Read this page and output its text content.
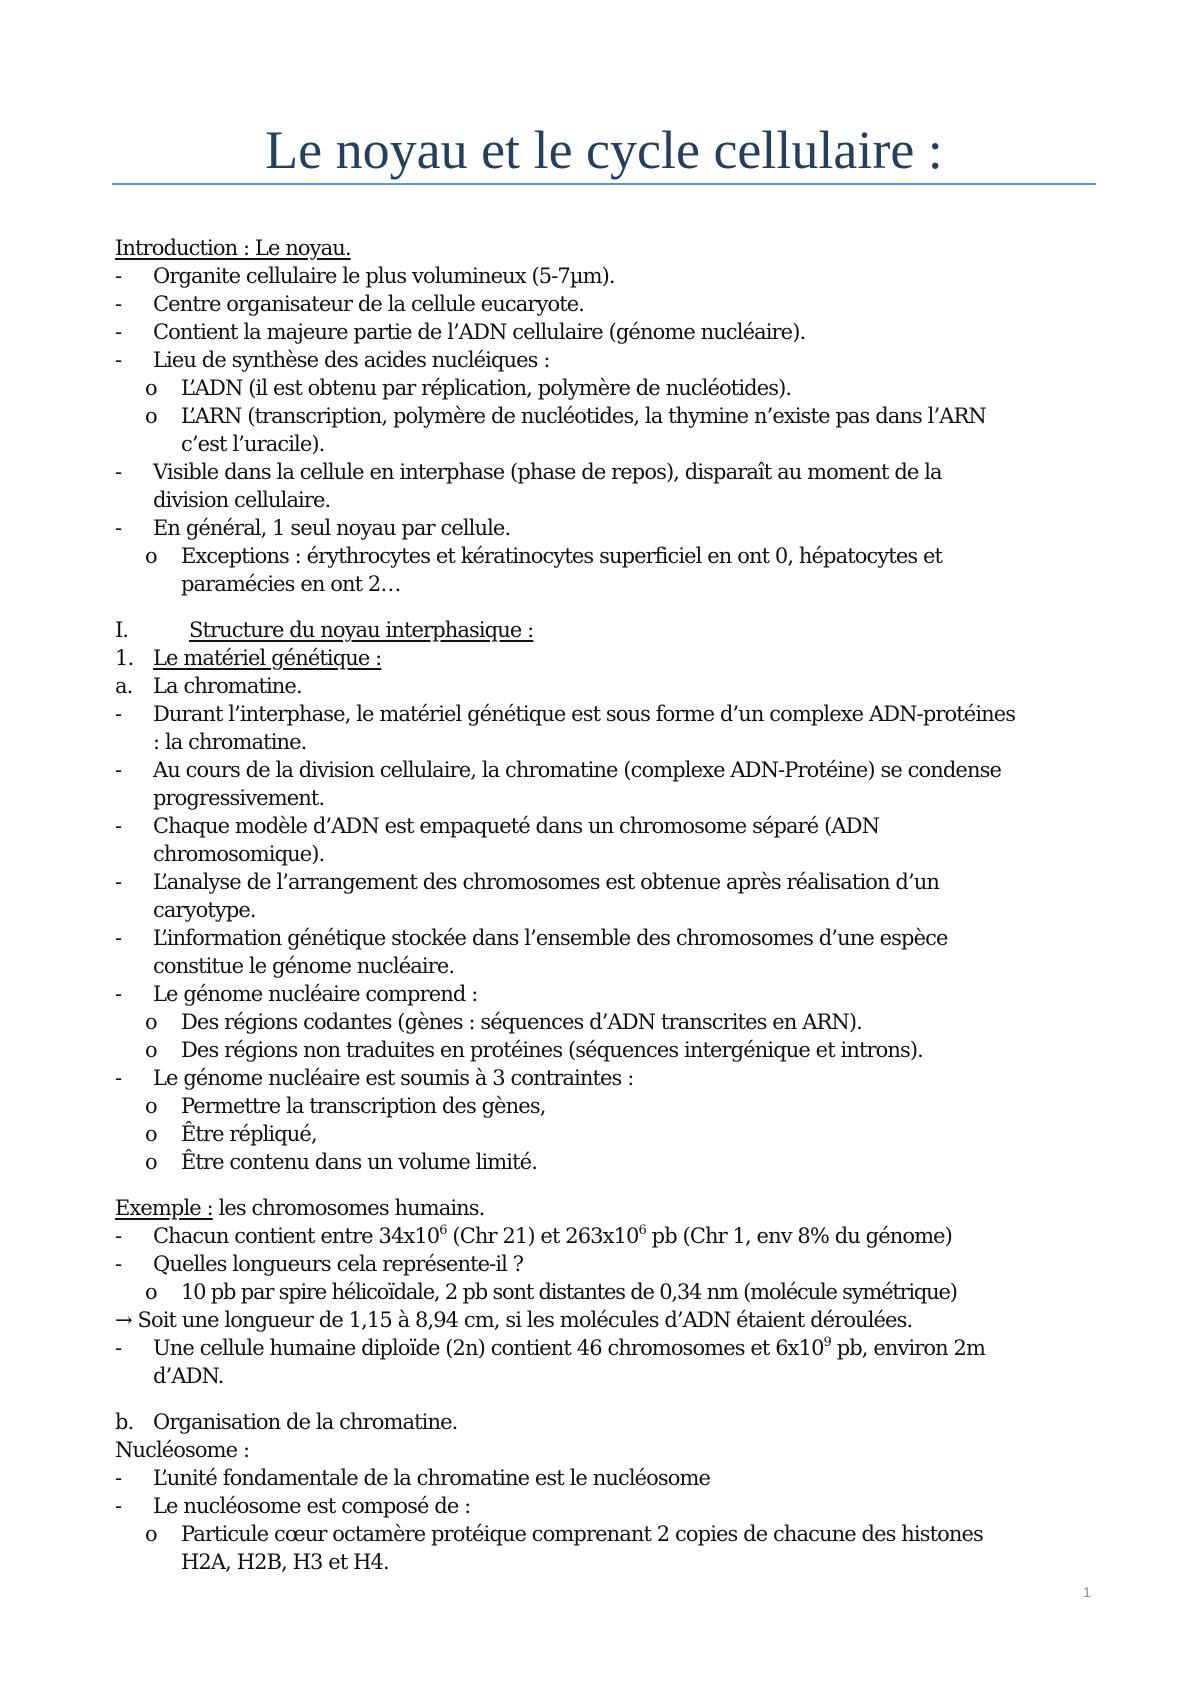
Le noyau et le cycle cellulaire :
Introduction : Le noyau.
- Organite cellulaire le plus volumineux (5-7µm).
- Centre organisateur de la cellule eucaryote.
- Contient la majeure partie de l’ADN cellulaire (génome nucléaire).
- Lieu de synthèse des acides nucléiques :
o L’ADN (il est obtenu par réplication, polymère de nucléotides).
o L’ARN (transcription, polymère de nucléotides, la thymine n’existe pas dans l’ARN
c’est l’uracile).
- Visible dans la cellule en interphase (phase de repos), disparaît au moment de la
division cellulaire.
- En général, 1 seul noyau par cellule.
o Exceptions : érythrocytes et kératinocytes superficiel en ont 0, hépatocytes et
paramécies en ont 2…
I.	Structure du noyau interphasique :
1. Le matériel génétique :
a. La chromatine.
- Durant l’interphase, le matériel génétique est sous forme d’un complexe ADN-protéines
: la chromatine.
- Au cours de la division cellulaire, la chromatine (complexe ADN-Protéine) se condense
progressivement.
- Chaque modèle d’ADN est empaqueté dans un chromosome séparé (ADN
chromosomique).
- L’analyse de l’arrangement des chromosomes est obtenue après réalisation d’un
caryotype.
- L’information génétique stockée dans l’ensemble des chromosomes d’une espèce
constitue le génome nucléaire.
- Le génome nucléaire comprend :
o Des régions codantes (gènes : séquences d’ADN transcrites en ARN).
o Des régions non traduites en protéines (séquences intergénique et introns).
- Le génome nucléaire est soumis à 3 contraintes :
o Permettre la transcription des gènes,
o Être répliqué,
o Être contenu dans un volume limité.
Exemple : les chromosomes humains.
- Chacun contient entre $34x10^6$ (Chr 21) et $263x10^6$ pb (Chr 1, env 8% du génome)
- Quelles longueurs cela représente-il ?
o 10 pb par spire hélicoïdale, 2 pb sont distantes de 0,34 nm (molécule symétrique)
→ Soit une longueur de 1,15 à 8,94 cm, si les molécules d’ADN étaient déroulées.
- Une cellule humaine diploïde (2n) contient 46 chromosomes et $6x10^9$ pb, environ 2m
d’ADN.
b. Organisation de la chromatine.
Nucléosome :
- L’unité fondamentale de la chromatine est le nucléosome
- Le nucléosome est composé de :
o Particule cœur octamère protéique comprenant 2 copies de chacune des histones
H2A, H2B, H3 et H4.
1
